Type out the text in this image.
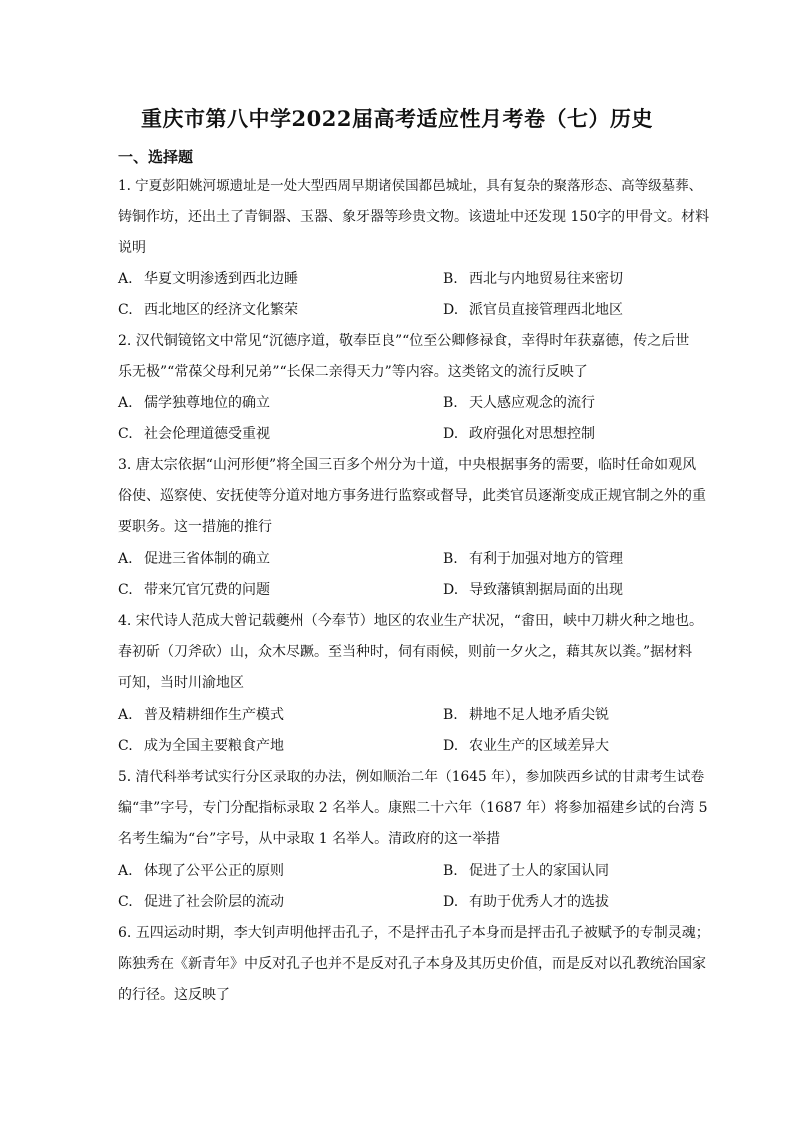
重庆市第八中学2022届高考适应性月考卷（七）历史
一、选择题
1. 宁夏彭阳姚河塬遗址是一处大型西周早期诸侯国都邑城址，具有复杂的聚落形态、高等级墓葬、
铸铜作坊，还出土了青铜器、玉器、象牙器等珍贵文物。该遗址中还发现 150字的甲骨文。材料
说明
A. 华夏文明渗透到西北边睡	B. 西北与内地贸易往来密切
C. 西北地区的经济文化繁荣	D. 派官员直接管理西北地区
2. 汉代铜镜铭文中常见“沉德序道，敬奉臣良”“位至公卿修禄食，幸得时年获嘉德，传之后世
乐无极”“常葆父母利兄弟”“长保二亲得天力”等内容。这类铭文的流行反映了
A. 儒学独尊地位的确立	B. 天人感应观念的流行
C. 社会伦理道德受重视	D. 政府强化对思想控制
3. 唐太宗依据“山河形便”将全国三百多个州分为十道，中央根据事务的需要，临时任命如观风
俗使、巡察使、安抚使等分道对地方事务进行监察或督导，此类官员逐渐变成正规官制之外的重
要职务。这一措施的推行
A. 促进三省体制的确立	B. 有利于加强对地方的管理
C. 带来冗官冗费的问题	D. 导致藩镇割据局面的出现
4. 宋代诗人范成大曾记载夔州（今奉节）地区的农业生产状况，“畬田，峡中刀耕火种之地也。
春初斫（刀斧砍）山，众木尽蹶。至当种时，伺有雨候，则前一夕火之，藉其灰以粪。”据材料
可知，当时川渝地区
A. 普及精耕细作生产模式	B. 耕地不足人地矛盾尖锐
C. 成为全国主要粮食产地	D. 农业生产的区域差异大
5. 清代科举考试实行分区录取的办法，例如顺治二年（1645 年），参加陕西乡试的甘肃考生试卷
编“聿”字号，专门分配指标录取 2 名举人。康熙二十六年（1687 年）将参加福建乡试的台湾 5
名考生编为“台”字号，从中录取 1 名举人。清政府的这一举措
A. 体现了公平公正的原则	B. 促进了士人的家国认同
C. 促进了社会阶层的流动	D. 有助于优秀人才的选拔
6. 五四运动时期，李大钊声明他抨击孔子，不是抨击孔子本身而是抨击孔子被赋予的专制灵魂；
陈独秀在《新青年》中反对孔子也并不是反对孔子本身及其历史价值，而是反对以孔教统治国家
的行径。这反映了
